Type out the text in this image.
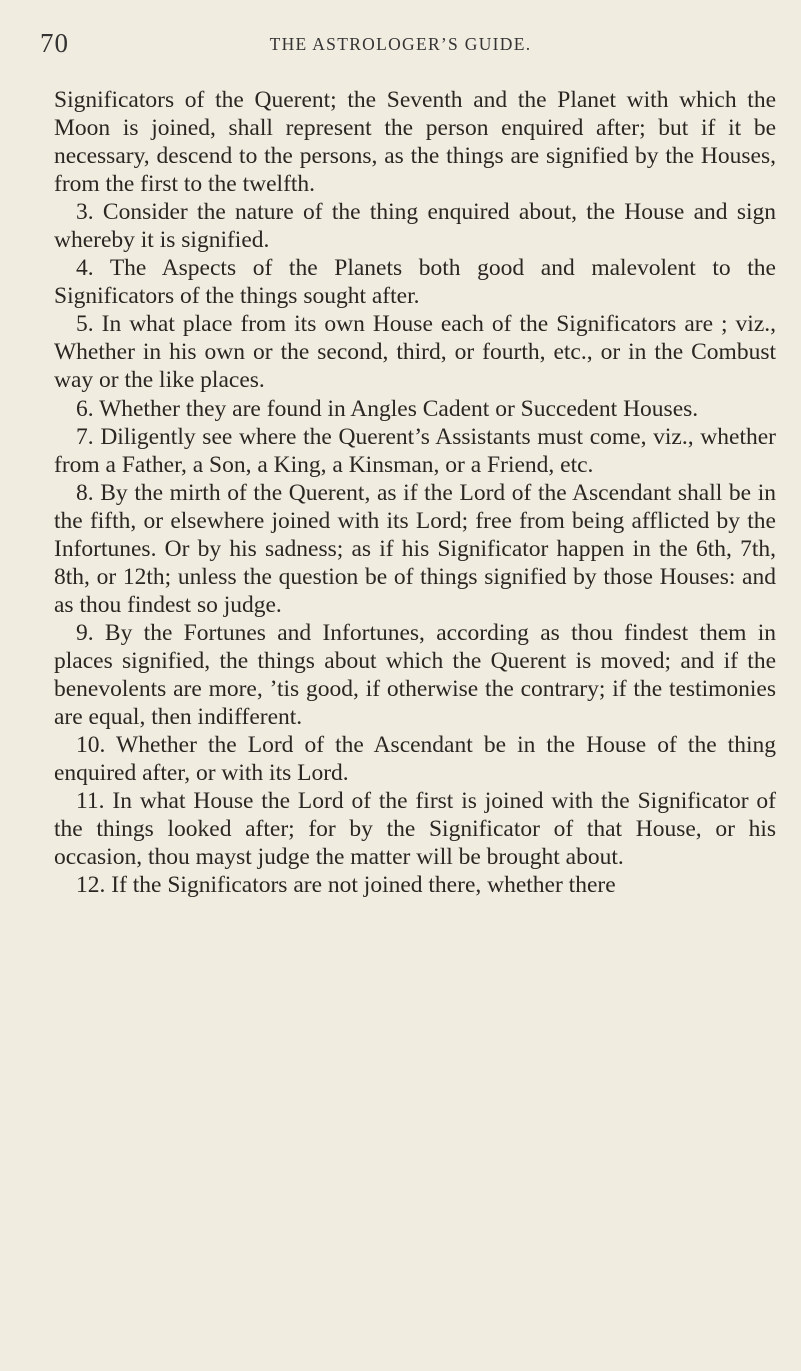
70	THE ASTROLOGER’S GUIDE.

Significators of the Querent; the Seventh and the Planet with which the Moon is joined, shall represent the person enquired after; but if it be necessary, descend to the persons, as the things are signified by the Houses, from the first to the twelfth.

3. Consider the nature of the thing enquired about, the House and sign whereby it is signified.

4. The Aspects of the Planets both good and malevolent to the Significators of the things sought after.

5. In what place from its own House each of the Significators are ; viz., Whether in his own or the second, third, or fourth, etc., or in the Combust way or the like places.

6. Whether they are found in Angles Cadent or Succedent Houses.

7. Diligently see where the Querent’s Assistants must come, viz., whether from a Father, a Son, a King, a Kinsman, or a Friend, etc.

8. By the mirth of the Querent, as if the Lord of the Ascendant shall be in the fifth, or elsewhere joined with its Lord; free from being afflicted by the Infortunes. Or by his sadness; as if his Significator happen in the 6th, 7th, 8th, or 12th; unless the question be of things signified by those Houses: and as thou findest so judge.

9. By the Fortunes and Infortunes, according as thou findest them in places signified, the things about which the Querent is moved; and if the benevolents are more, ’tis good, if otherwise the contrary; if the testimonies are equal, then indifferent.

10. Whether the Lord of the Ascendant be in the House of the thing enquired after, or with its Lord.

11. In what House the Lord of the first is joined with the Significator of the things looked after; for by the Significator of that House, or his occasion, thou mayst judge the matter will be brought about.

12. If the Significators are not joined there, whether there
